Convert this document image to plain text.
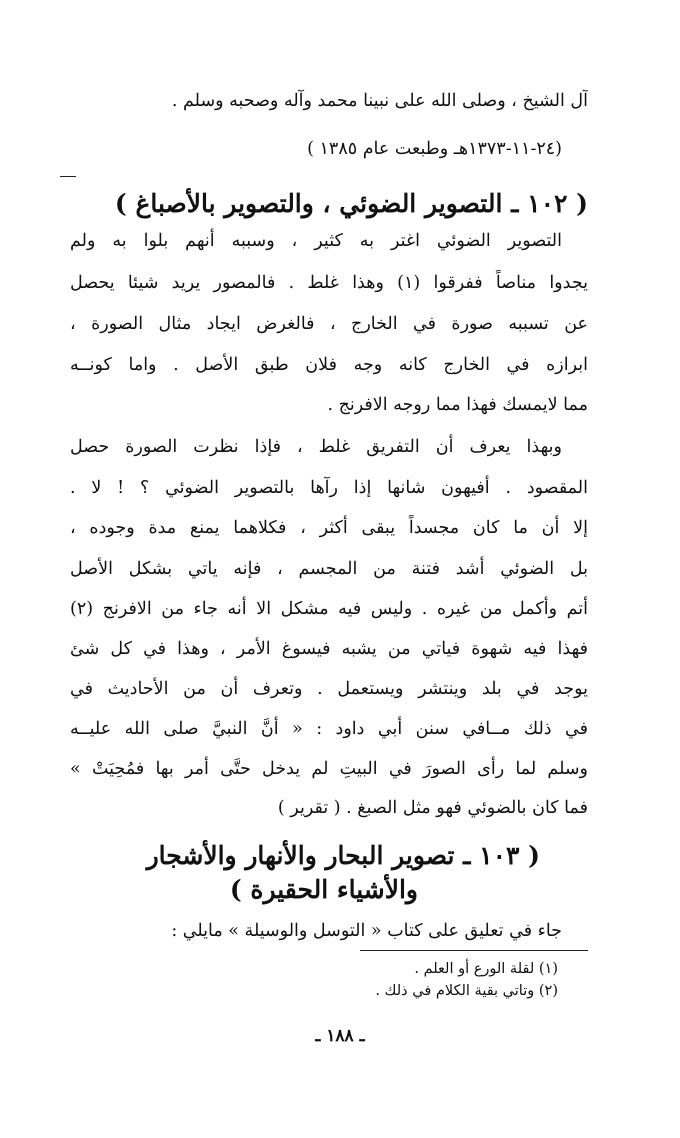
آل الشيخ ، وصلى الله على نبينا محمد وآله وصحبه وسلم .
(٢٤-١١-١٣٧٣هـ وطبعت عام ١٣٨٥ )
( ١٠٢ ـ التصوير الضوئي ، والتصوير بالأصباغ )
التصوير الضوئي اغتر به كثير ، وسببه أنهم بلوا به ولم
يجدوا مناصاً ففرقوا (١) وهذا غلط . فالمصور يريد شيئا يحصل
عن تسببه صورة في الخارج ، فالغرض ايجاد مثال الصورة ،
ابرازه في الخارج كانه وجه فلان طبق الأصل . واما كونــه
مما لايمسك فهذا مما روجه الافرنج .
وبهذا يعرف أن التفريق غلط ، فإذا نظرت الصورة حصل
المقصود . أفيهون شانها إذا رآها بالتصوير الضوئي ؟ ! لا .
إلا أن ما كان مجسداً يبقى أكثر ، فكلاهما يمنع مدة وجوده ،
بل الضوئي أشد فتنة من المجسم ، فإنه ياتي بشكل الأصل
أتم وأكمل من غيره . وليس فيه مشكل الا أنه جاء من الافرنج (٢)
فهذا فيه شهوة فياتي من يشبه فيسوغ الأمر ، وهذا في كل شئ
يوجد في بلد وينتشر ويستعمل . وتعرف أن من الأحاديث في
في ذلك مــافي سنن أبي داود : « أنَّ النبيَّ صلى الله عليــه
وسلم لما رأى الصورَ في البيتِ لم يدخل حتَّى أمر بها فمُحِيَتْ »
فما كان بالضوئي فهو مثل الصبغ . ( تقرير )
( ١٠٣ ـ تصوير البحار والأنهار والأشجار
والأشياء الحقيرة )
جاء في تعليق على كتاب « التوسل والوسيلة » مايلي :
(١) لقلة الورع أو العلم .
(٢) وتاتي بقية الكلام في ذلك .
ـ ١٨٨ ـ
